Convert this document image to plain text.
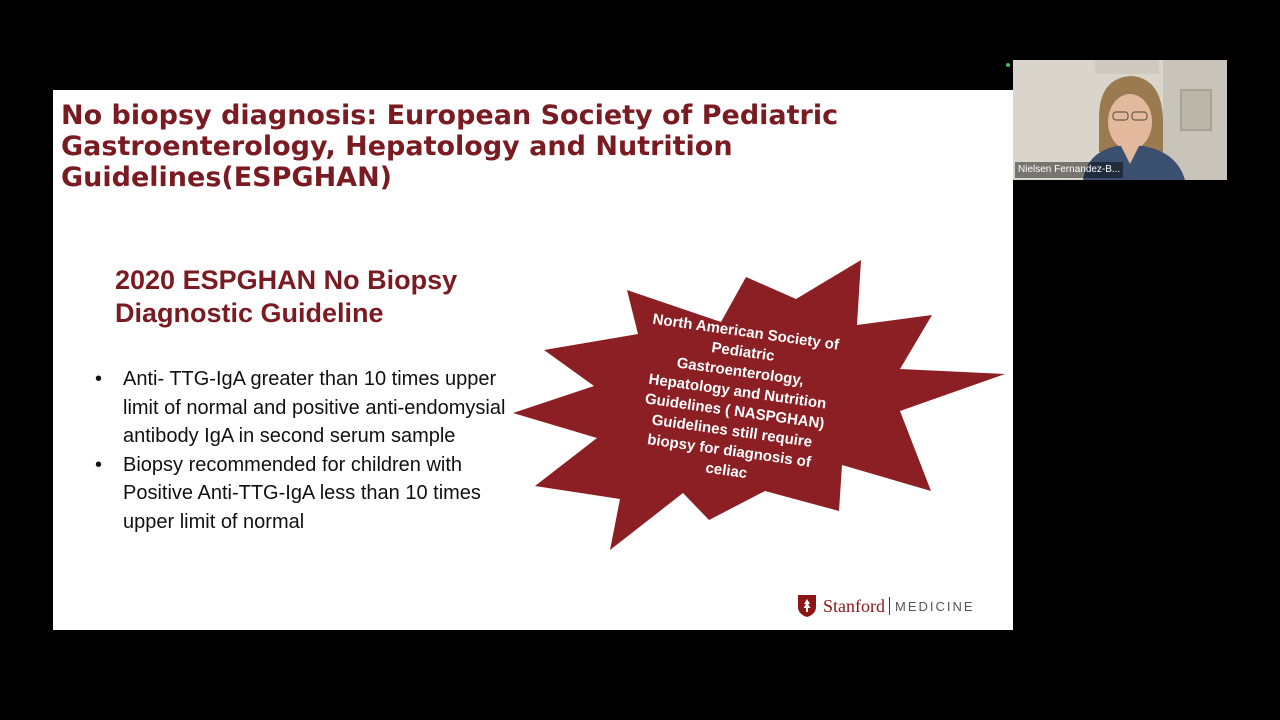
No biopsy diagnosis: European Society of Pediatric Gastroenterology, Hepatology and Nutrition Guidelines(ESPGHAN)
2020 ESPGHAN No Biopsy Diagnostic Guideline
• Anti- TTG-IgA greater than 10 times upper limit of normal and positive anti-endomysial antibody IgA in second serum sample
• Biopsy recommended for children with Positive Anti-TTG-IgA less than 10 times upper limit of normal
North American Society of Pediatric Gastroenterology, Hepatology and Nutrition Guidelines ( NASPGHAN) Guidelines still require biopsy for diagnosis of celiac
Stanford MEDICINE
Nielsen Fernandez-B...
